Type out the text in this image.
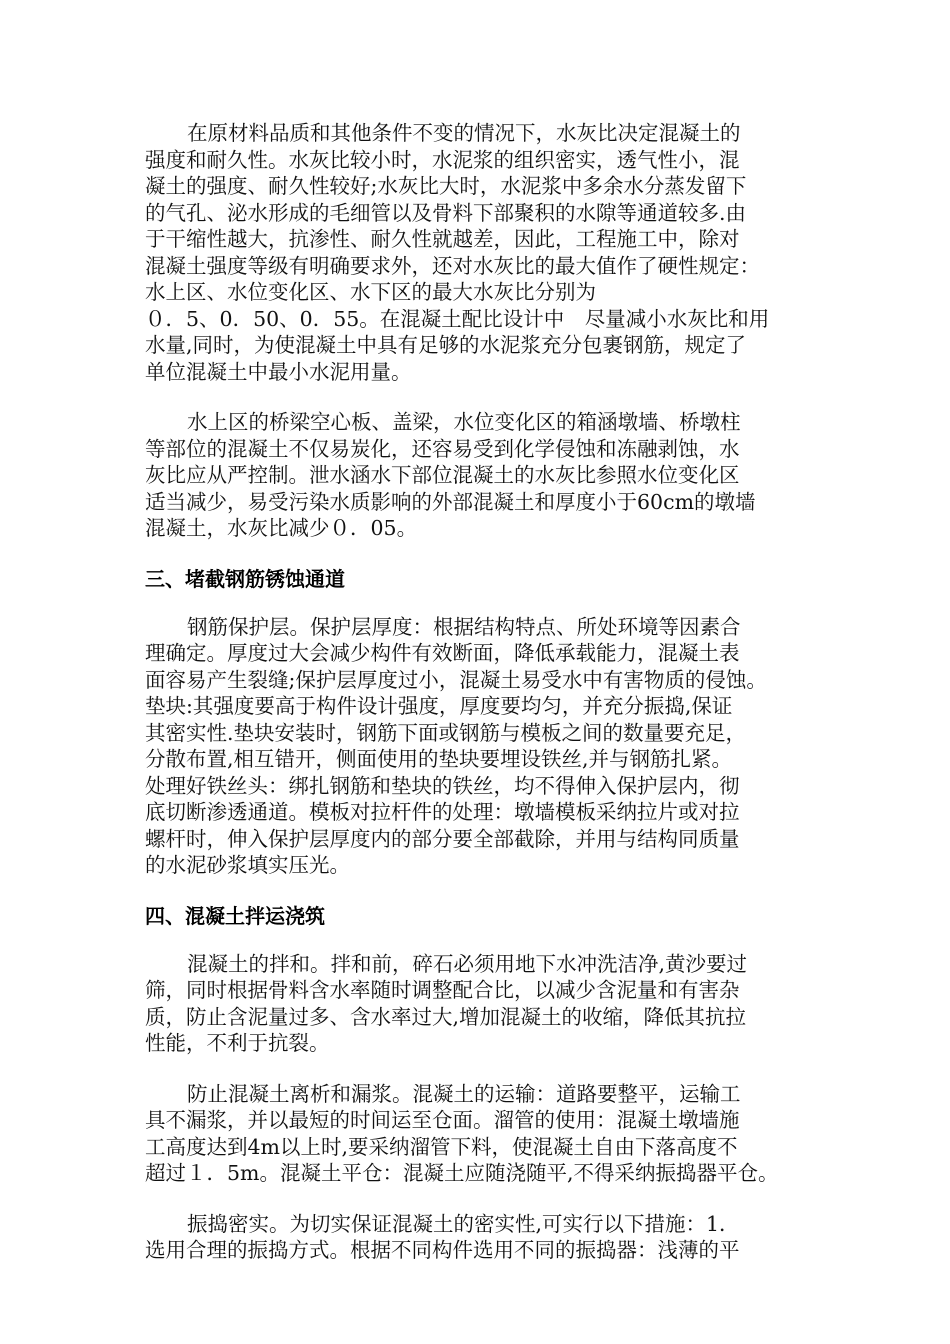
在原材料品质和其他条件不变的情况下，水灰比决定混凝土的
强度和耐久性。水灰比较小时，水泥浆的组织密实，透气性小，混
凝土的强度、耐久性较好;水灰比大时，水泥浆中多余水分蒸发留下
的气孔、泌水形成的毛细管以及骨料下部聚积的水隙等通道较多.由
于干缩性越大，抗渗性、耐久性就越差，因此，工程施工中，除对
混凝土强度等级有明确要求外，还对水灰比的最大值作了硬性规定：
水上区、水位变化区、水下区的最大水灰比分别为
０．5、0．50、0．55。在混凝土配比设计中　尽量减小水灰比和用
水量,同时，为使混凝土中具有足够的水泥浆充分包裹钢筋，规定了
单位混凝土中最小水泥用量。

水上区的桥梁空心板、盖梁，水位变化区的箱涵墩墙、桥墩柱
等部位的混凝土不仅易炭化，还容易受到化学侵蚀和冻融剥蚀，水
灰比应从严控制。泄水涵水下部位混凝土的水灰比参照水位变化区
适当减少，易受污染水质影响的外部混凝土和厚度小于60cm的墩墙
混凝土，水灰比减少０．05。

三、堵截钢筋锈蚀通道

钢筋保护层。保护层厚度：根据结构特点、所处环境等因素合
理确定。厚度过大会减少构件有效断面，降低承载能力，混凝土表
面容易产生裂缝;保护层厚度过小，混凝土易受水中有害物质的侵蚀。
垫块:其强度要高于构件设计强度，厚度要均匀，并充分振捣,保证
其密实性.垫块安装时，钢筋下面或钢筋与模板之间的数量要充足，
分散布置,相互错开，侧面使用的垫块要埋设铁丝,并与钢筋扎紧。
处理好铁丝头：绑扎钢筋和垫块的铁丝，均不得伸入保护层内，彻
底切断渗透通道。模板对拉杆件的处理：墩墙模板采纳拉片或对拉
螺杆时，伸入保护层厚度内的部分要全部截除，并用与结构同质量
的水泥砂浆填实压光。

四、混凝土拌运浇筑

混凝土的拌和。拌和前，碎石必须用地下水冲洗洁净,黄沙要过
筛，同时根据骨料含水率随时调整配合比，以减少含泥量和有害杂
质，防止含泥量过多、含水率过大,增加混凝土的收缩，降低其抗拉
性能，不利于抗裂。

防止混凝土离析和漏浆。混凝土的运输：道路要整平，运输工
具不漏浆，并以最短的时间运至仓面。溜管的使用：混凝土墩墙施
工高度达到4m以上时,要采纳溜管下料，使混凝土自由下落高度不
超过１．5m。混凝土平仓：混凝土应随浇随平,不得采纳振捣器平仓。

振捣密实。为切实保证混凝土的密实性,可实行以下措施：1．
选用合理的振捣方式。根据不同构件选用不同的振捣器：浅薄的平
